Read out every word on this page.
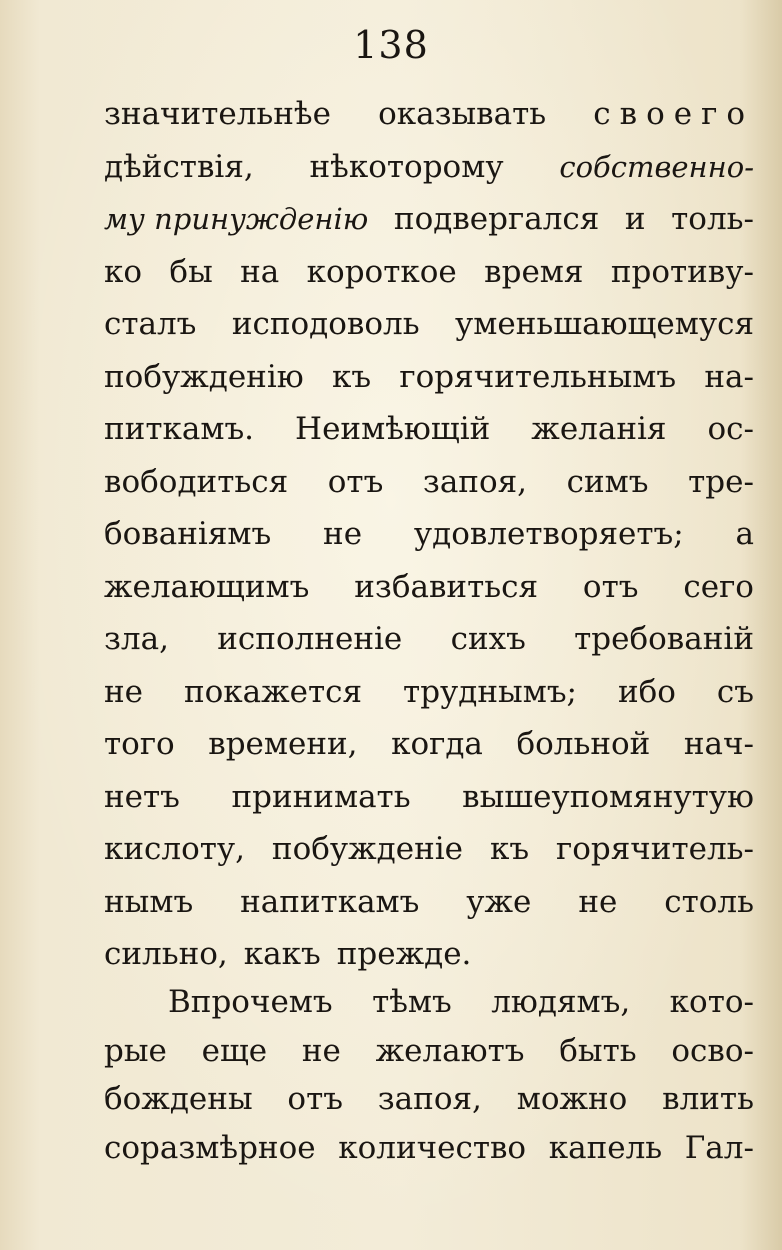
138
значительнѣе оказывать своего
дѣйствія, нѣкоторому собственно-
му принужденію подвергался и толь-
ко бы на короткое время противу-
сталъ исподоволь уменьшающемуся
побужденію къ горячительнымъ на-
питкамъ. Неимѣющій желанія ос-
вободиться отъ запоя, симъ тре-
бованіямъ не удовлетворяетъ; а
желающимъ избавиться отъ сего
зла, исполненіе сихъ требованій
не покажется труднымъ; ибо съ
того времени, когда больной нач-
нетъ принимать вышеупомянутую
кислоту, побужденіе къ горячитель-
нымъ напиткамъ уже не столь
сильно, какъ прежде.
Впрочемъ тѣмъ людямъ, кото-
рые еще не желаютъ быть осво-
бождены отъ запоя, можно влить
соразмѣрное количество капель Гал-
